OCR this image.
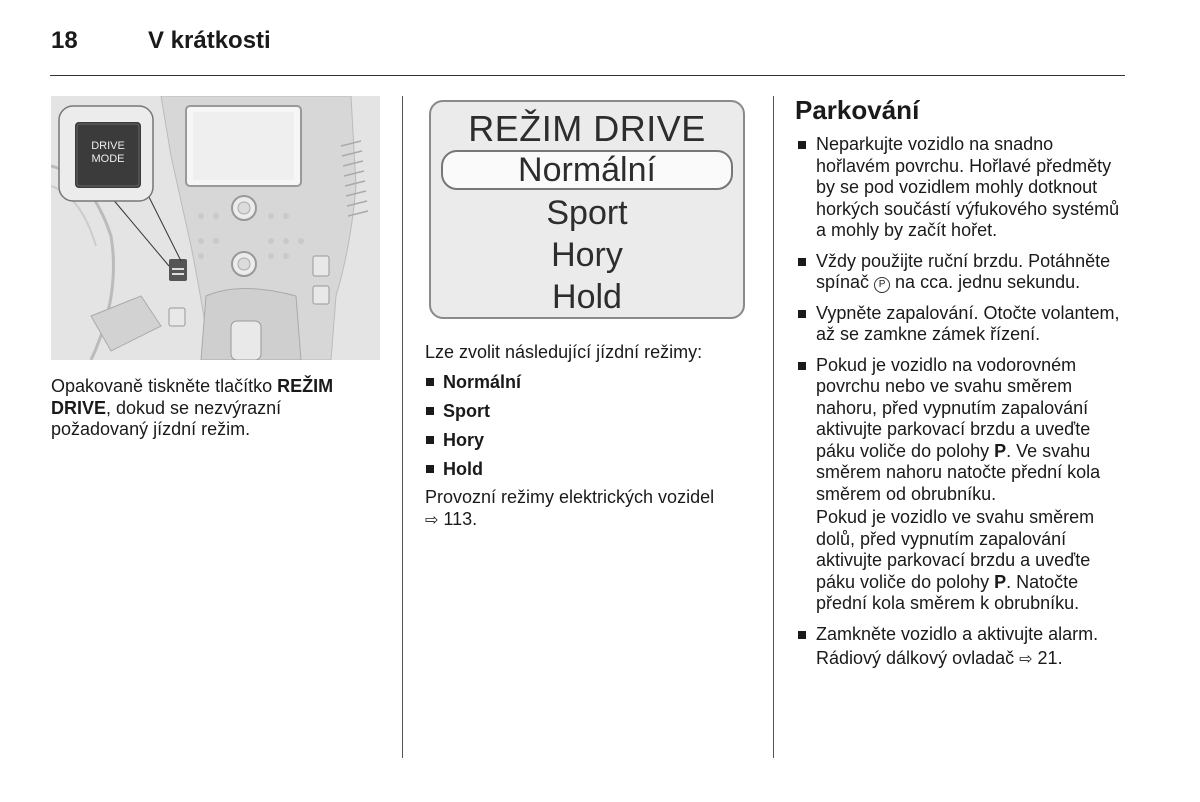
18	V krátkosti
DRIVE
MODE
Opakovaně tiskněte tlačítko REŽIM DRIVE, dokud se nezvýrazní požadovaný jízdní režim.
REŽIM DRIVE
Normální
Sport
Hory
Hold
Lze zvolit následující jízdní režimy:
Normální
Sport
Hory
Hold
Provozní režimy elektrických vozidel
⇨ 113.
Parkování
Neparkujte vozidlo na snadno hořlavém povrchu. Hořlavé předměty by se pod vozidlem mohly dotknout horkých součástí výfukového systémů a mohly by začít hořet.
Vždy použijte ruční brzdu. Potáhněte spínač P na cca. jednu sekundu.
Vypněte zapalování. Otočte volantem, až se zamkne zámek řízení.
Pokud je vozidlo na vodorovném povrchu nebo ve svahu směrem nahoru, před vypnutím zapalování aktivujte parkovací brzdu a uveďte páku voliče do polohy P. Ve svahu směrem nahoru natočte přední kola směrem od obrubníku.
Pokud je vozidlo ve svahu směrem dolů, před vypnutím zapalování aktivujte parkovací brzdu a uveďte páku voliče do polohy P. Natočte přední kola směrem k obrubníku.
Zamkněte vozidlo a aktivujte alarm.
Rádiový dálkový ovladač ⇨ 21.
